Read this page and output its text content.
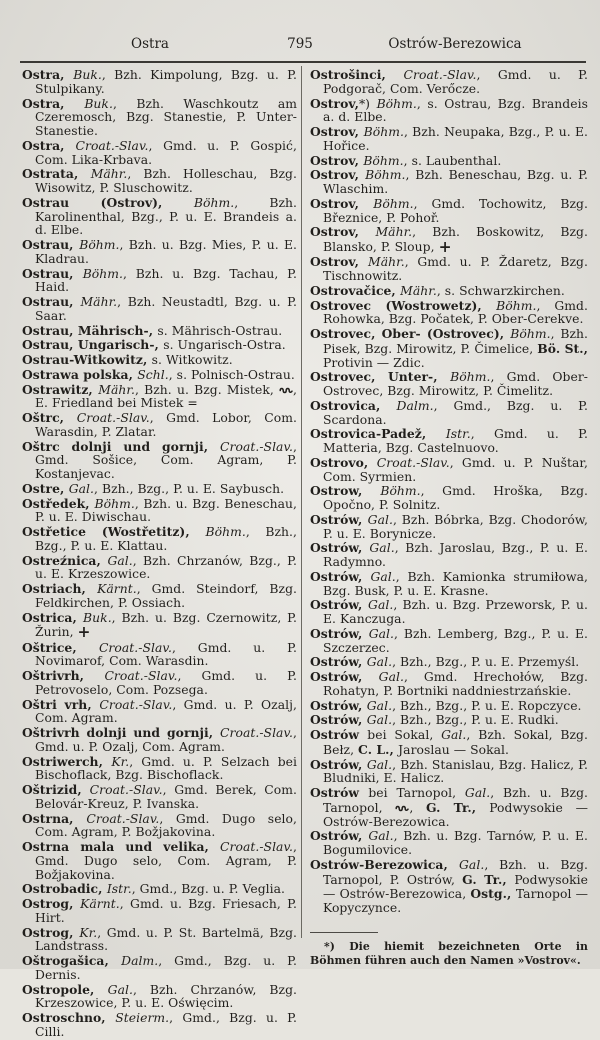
Ostra	795	Ostrów-Berezowica
Ostra, Buk., Bzh. Kimpolung, Bzg. u. P. Stulpikany.
Ostra, Buk., Bzh. Waschkoutz am Czeremosch, Bzg. Stanestie, P. Unter-Stanestie.
Ostra, Croat.-Slav., Gmd. u. P. Gospić, Com. Lika-Krbava.
Ostrata, Mähr., Bzh. Holleschau, Bzg. Wisowitz, P. Sluschowitz.
Ostrau (Ostrov), Böhm., Bzh. Karolinenthal, Bzg., P. u. E. Brandeis a. d. Elbe.
Ostrau, Böhm., Bzh. u. Bzg. Mies, P. u. E. Kladrau.
Ostrau, Böhm., Bzh. u. Bzg. Tachau, P. Haid.
Ostrau, Mähr., Bzh. Neustadtl, Bzg. u. P. Saar.
Ostrau, Mährisch-, s. Mährisch-Ostrau.
Ostrau, Ungarisch-, s. Ungarisch-Ostra.
Ostrau-Witkowitz, s. Witkowitz.
Ostrawa polska, Schl., s. Polnisch-Ostrau.
Ostrawitz, Mähr., Bzh. u. Bzg. Mistek, , E. Friedland bei Mistek =
Oštrc, Croat.-Slav., Gmd. Lobor, Com. Warasdin, P. Zlatar.
Oštrc dolnji und gornji, Croat.-Slav., Gmd. Sošice, Com. Agram, P. Kostanjevac.
Ostre, Gal., Bzh., Bzg., P. u. E. Saybusch.
Ostředek, Böhm., Bzh. u. Bzg. Beneschau, P. u. E. Diwischau.
Ostřetice (Wostřetitz), Böhm., Bzh., Bzg., P. u. E. Klattau.
Ostreźnica, Gal., Bzh. Chrzanów, Bzg., P. u. E. Krzeszowice.
Ostriach, Kärnt., Gmd. Steindorf, Bzg. Feldkirchen, P. Ossiach.
Ostrica, Buk., Bzh. u. Bzg. Czernowitz, P. Žurin, +
Oštrice, Croat.-Slav., Gmd. u. P. Novimarof, Com. Warasdin.
Oštrivrh, Croat.-Slav., Gmd. u. P. Petrovoselo, Com. Pozsega.
Oštri vrh, Croat.-Slav., Gmd. u. P. Ozalj, Com. Agram.
Oštrivrh dolnji und gornji, Croat.-Slav., Gmd. u. P. Ozalj, Com. Agram.
Ostriwerch, Kr., Gmd. u. P. Selzach bei Bischoflack, Bzg. Bischoflack.
Oštrizid, Croat.-Slav., Gmd. Berek, Com. Belovár-Kreuz, P. Ivanska.
Ostrna, Croat.-Slav., Gmd. Dugo selo, Com. Agram, P. Božjakovina.
Ostrna mala und velika, Croat.-Slav., Gmd. Dugo selo, Com. Agram, P. Božjakovina.
Ostrobadic, Istr., Gmd., Bzg. u. P. Veglia.
Ostrog, Kärnt., Gmd. u. Bzg. Friesach, P. Hirt.
Ostrog, Kr., Gmd. u. P. St. Bartelmä, Bzg. Landstrass.
Oštrogašica, Dalm., Gmd., Bzg. u. P. Dernis.
Ostropole, Gal., Bzh. Chrzanów, Bzg. Krzeszowice, P. u. E. Oświęcim.
Ostroschno, Steierm., Gmd., Bzg. u. P. Cilli.
Ostrošinci, Croat.-Slav., Gmd. u. P. Podgorač, Com. Verőcze.
Ostrov,*) Böhm., s. Ostrau, Bzg. Brandeis a. d. Elbe.
Ostrov, Böhm., Bzh. Neupaka, Bzg., P. u. E. Hořice.
Ostrov, Böhm., s. Laubenthal.
Ostrov, Böhm., Bzh. Beneschau, Bzg. u. P. Wlaschim.
Ostrov, Böhm., Gmd. Tochowitz, Bzg. Březnice, P. Pohoř.
Ostrov, Mähr., Bzh. Boskowitz, Bzg. Blansko, P. Sloup, +
Ostrov, Mähr., Gmd. u. P. Ždaretz, Bzg. Tischnowitz.
Ostrovačice, Mähr., s. Schwarzkirchen.
Ostrovec (Wostrowetz), Böhm., Gmd. Rohowka, Bzg. Počatek, P. Ober-Cerekve.
Ostrovec, Ober- (Ostrovec), Böhm., Bzh. Pisek, Bzg. Mirowitz, P. Čimelice, Bö. St., Protivin — Zdic.
Ostrovec, Unter-, Böhm., Gmd. Ober-Ostrovec, Bzg. Mirowitz, P. Čimelitz.
Ostrovica, Dalm., Gmd., Bzg. u. P. Scardona.
Ostrovica-Padež, Istr., Gmd. u. P. Matteria, Bzg. Castelnuovo.
Ostrovo, Croat.-Slav., Gmd. u. P. Nuštar, Com. Syrmien.
Ostrow, Böhm., Gmd. Hroška, Bzg. Opočno, P. Solnitz.
Ostrów, Gal., Bzh. Bóbrka, Bzg. Chodorów, P. u. E. Borynicze.
Ostrów, Gal., Bzh. Jaroslau, Bzg., P. u. E. Radymno.
Ostrów, Gal., Bzh. Kamionka strumiłowa, Bzg. Busk, P. u. E. Krasne.
Ostrów, Gal., Bzh. u. Bzg. Przeworsk, P. u. E. Kanczuga.
Ostrów, Gal., Bzh. Lemberg, Bzg., P. u. E. Szczerzec.
Ostrów, Gal., Bzh., Bzg., P. u. E. Przemyśl.
Ostrów, Gal., Gmd. Hrechołów, Bzg. Rohatyn, P. Bortniki naddniestrzańskie.
Ostrów, Gal., Bzh., Bzg., P. u. E. Ropczyce.
Ostrów, Gal., Bzh., Bzg., P. u. E. Rudki.
Ostrów bei Sokal, Gal., Bzh. Sokal, Bzg. Bełz, C. L., Jaroslau — Sokal.
Ostrów, Gal., Bzh. Stanislau, Bzg. Halicz, P. Bludniki, E. Halicz.
Ostrów bei Tarnopol, Gal., Bzh. u. Bzg. Tarnopol, , G. Tr., Podwysokie — Ostrów-Berezowica.
Ostrów, Gal., Bzh. u. Bzg. Tarnów, P. u. E. Bogumilovice.
Ostrów-Berezowica, Gal., Bzh. u. Bzg. Tarnopol, P. Ostrów, G. Tr., Podwysokie — Ostrów-Berezowica, Ostg., Tarnopol — Kopyczynce.
*) Die hiemit bezeichneten Orte in Böhmen führen auch den Namen »Vostrov«.
